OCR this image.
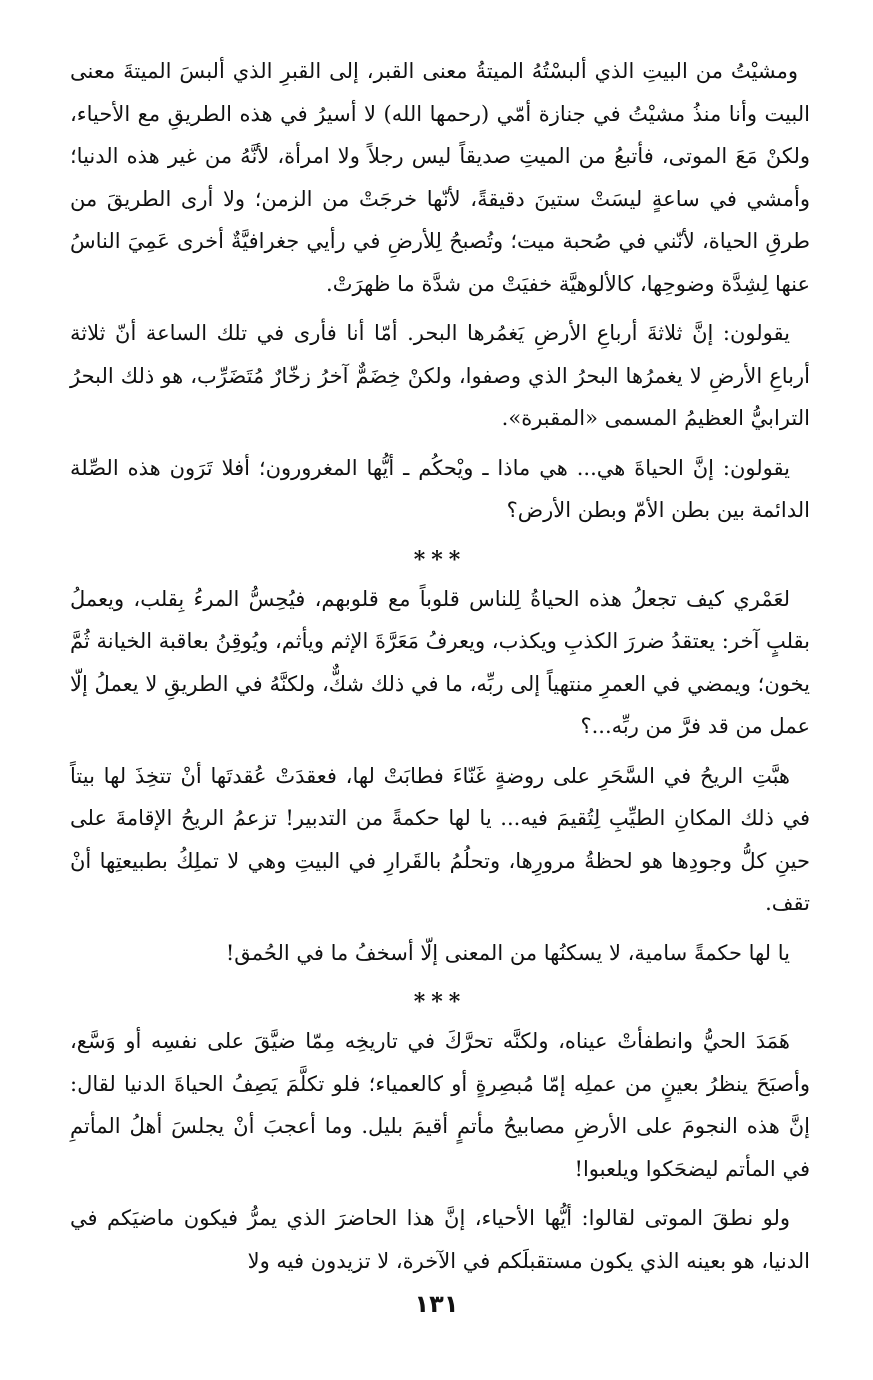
ومشيْتُ من البيتِ الذي ألبسْتُهُ الميتةُ معنى القبر، إلى القبرِ الذي ألبسَ الميتةَ معنى البيت وأنا منذُ مشيْتُ في جنازة أمّي (رحمها الله) لا أسيرُ في هذه الطريقِ مع الأحياء، ولكنْ مَعَ الموتى، فأتبعُ من الميتِ صديقاً ليس رجلاً ولا امرأة، لأنَّهُ من غير هذه الدنيا؛ وأمشي في ساعةٍ ليسَتْ ستينَ دقيقةً، لأنّها خرجَتْ من الزمن؛ ولا أرى الطريقَ من طرقِ الحياة، لأنّني في صُحبة ميت؛ وتُصبحُ لِلأرضِ في رأيي جغرافيَّةٌ أخرى عَمِيَ الناسُ عنها لِشِدَّة وضوحِها، كالألوهيَّة خفيَتْ من شدَّة ما ظهرَتْ.

يقولون: إنَّ ثلاثةَ أرباعِ الأرضِ يَغمُرها البحر. أمّا أنا فأرى في تلك الساعة أنّ ثلاثة أرباعِ الأرضِ لا يغمرُها البحرُ الذي وصفوا، ولكنْ خِضَمٌّ آخرُ زخّارٌ مُتَضَرِّب، هو ذلك البحرُ الترابيُّ العظيمُ المسمى «المقبرة».

يقولون: إنَّ الحياةَ هي... هي ماذا ـ ويْحكُم ـ أيُّها المغرورون؛ أفلا تَرَون هذه الصِّلة الدائمة بين بطن الأمّ وبطن الأرض؟

***

لعَمْري كيف تجعلُ هذه الحياةُ لِلناس قلوباً مع قلوبهم، فيُحِسُّ المرءُ بِقلب، ويعملُ بقلبٍ آخر: يعتقدُ ضررَ الكذبِ ويكذب، ويعرفُ مَعَرَّةَ الإثم ويأثم، ويُوقِنُ بعاقبة الخيانة ثُمَّ يخون؛ ويمضي في العمرِ منتهياً إلى ربِّه، ما في ذلك شكٌّ، ولكنَّهُ في الطريقِ لا يعملُ إلّا عمل من قد فرَّ من ربِّه...؟

هبَّتِ الريحُ في السَّحَرِ على روضةٍ غَنّاءَ فطابَتْ لها، فعقدَتْ عُقدتَها أنْ تتخِذَ لها بيتاً في ذلك المكانِ الطيِّبِ لِتُقيمَ فيه... يا لها حكمةً من التدبير! تزعمُ الريحُ الإقامةَ على حينِ كلُّ وجودِها هو لحظةُ مرورِها، وتحلُمُ بالقَرارِ في البيتِ وهي لا تملِكُ بطبيعتِها أنْ تقف.

يا لها حكمةً سامية، لا يسكنُها من المعنى إلّا أسخفُ ما في الحُمق!

***

هَمَدَ الحيُّ وانطفأتْ عيناه، ولكنَّه تحرَّكَ في تاريخِه مِمّا ضيَّقَ على نفسِه أو وَسَّع، وأصبَحَ ينظرُ بعينٍ من عملِه إمّا مُبصِرةٍ أو كالعمياء؛ فلو تكلَّمَ يَصِفُ الحياةَ الدنيا لقال: إنَّ هذه النجومَ على الأرضِ مصابيحُ مأتمٍ أقيمَ بليل. وما أعجبَ أنْ يجلسَ أهلُ المأتمِ في المأتم ليضحَكوا ويلعبوا!

ولو نطقَ الموتى لقالوا: أيُّها الأحياء، إنَّ هذا الحاضرَ الذي يمرُّ فيكون ماضيَكم في الدنيا، هو بعينه الذي يكون مستقبلَكم في الآخرة، لا تزيدون فيه ولا

١٣١
